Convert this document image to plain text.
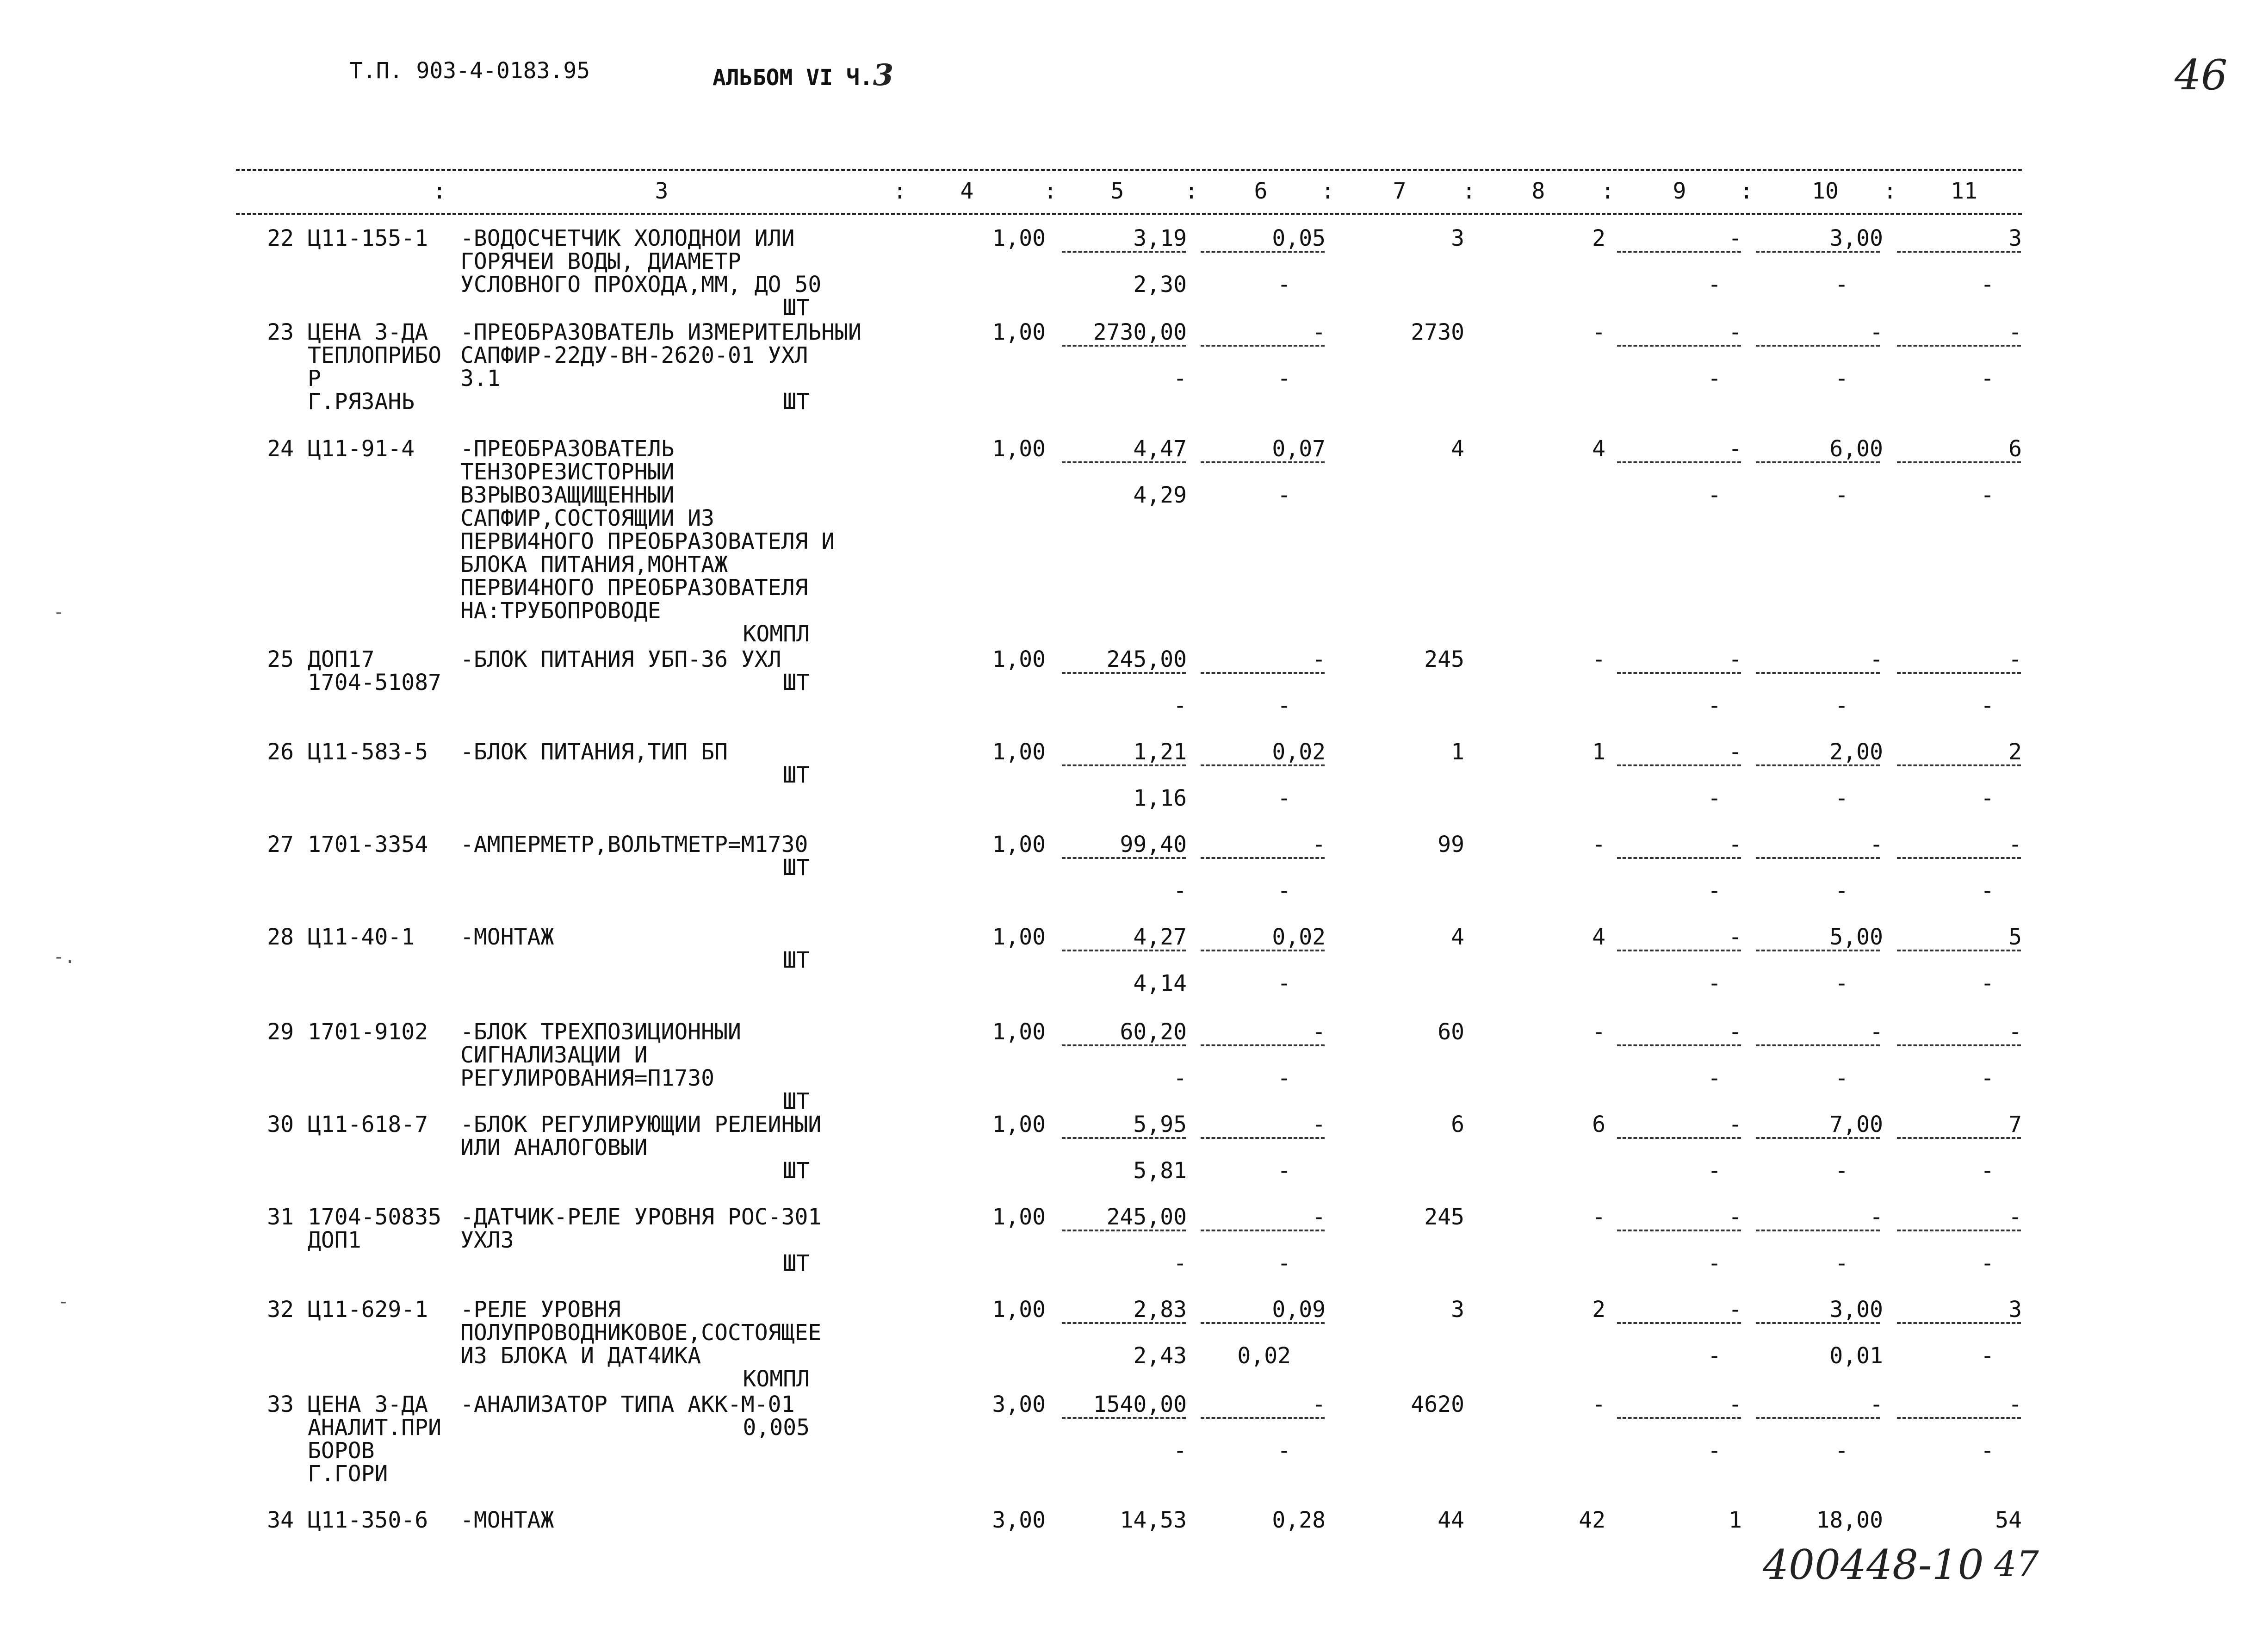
Т.П. 903-4-0183.95	АЛЬБОМ VI Ч.3	46
:	3	:	4	:	5	:	6	:	7	:	8	:	9	:	10	:	11
22 Ц11-155-1 -ВОДОСЧЕТЧИК ХОЛОДНОИ ИЛИ
ГОРЯЧЕИ ВОДЫ, ДИАМЕТР
УСЛОВНОГО ПРОХОДА,ММ, ДО 50
ШТ
1,00	3,19	0,05	3	2	-	3,00	3
2,30	-	-	-	-
23 ЦЕНА З-ДА
ТЕПЛОПРИБО
Р
Г.РЯЗАНЬ
-ПРЕОБРАЗОВАТЕЛЬ ИЗМЕРИТЕЛЬНЫИ
САПФИР-22ДУ-ВН-2620-01 УХЛ
3.1
ШТ
1,00	2730,00	-	2730	-	-	-	-
-	-	-	-	-
24 Ц11-91-4 -ПРЕОБРАЗОВАТЕЛЬ
ТЕНЗОРЕЗИСТОРНЫИ
ВЗРЫВОЗАЩИЩЕННЫИ
САПФИР,СОСТОЯЩИИ ИЗ
ПЕРВИ4НОГО ПРЕОБРАЗОВАТЕЛЯ И
БЛОКА ПИТАНИЯ,МОНТАЖ
ПЕРВИ4НОГО ПРЕОБРАЗОВАТЕЛЯ
НА:ТРУБОПРОВОДЕ
КОМПЛ
1,00	4,47	0,07	4	4	-	6,00	6
4,29	-	-	-	-
25 ДОП17
1704-51087
-БЛОК ПИТАНИЯ УБП-36 УХЛ
ШТ
1,00	245,00	-	245	-	-	-	-
-	-	-	-	-
26 Ц11-583-5 -БЛОК ПИТАНИЯ,ТИП БП
ШТ
1,00	1,21	0,02	1	1	-	2,00	2
1,16	-	-	-	-
27 1701-3354 -АМПЕРМЕТР,ВОЛЬТМЕТР=М1730
ШТ
1,00	99,40	-	99	-	-	-	-
-	-	-	-	-
28 Ц11-40-1 -МОНТАЖ
ШТ
1,00	4,27	0,02	4	4	-	5,00	5
4,14	-	-	-	-
29 1701-9102 -БЛОК ТРЕХПОЗИЦИОННЫИ
СИГНАЛИЗАЦИИ И
РЕГУЛИРОВАНИЯ=П1730
ШТ
1,00	60,20	-	60	-	-	-	-
-	-	-	-	-
30 Ц11-618-7 -БЛОК РЕГУЛИРУЮЩИИ РЕЛЕИНЫИ
ИЛИ АНАЛОГОВЫИ
ШТ
1,00	5,95	-	6	6	-	7,00	7
5,81	-	-	-	-
31 1704-50835
ДОП1
-ДАТЧИК-РЕЛЕ УРОВНЯ РОС-301
УХЛ3
ШТ
1,00	245,00	-	245	-	-	-	-
-	-	-	-	-
32 Ц11-629-1 -РЕЛЕ УРОВНЯ
ПОЛУПРОВОДНИКОВОЕ,СОСТОЯЩЕЕ
ИЗ БЛОКА И ДАТ4ИКА
КОМПЛ
1,00	2,83	0,09	3	2	-	3,00	3
2,43	0,02	-	0,01	-
33 ЦЕНА З-ДА
АНАЛИТ.ПРИ
БОРОВ
Г.ГОРИ
-АНАЛИЗАТОР ТИПА АКК-М-01
0,005
3,00	1540,00	-	4620	-	-	-	-
-	-	-	-	-
34 Ц11-350-6 -МОНТАЖ	3,00	14,53	0,28	44	42	1	18,00	54
400448-10 47
-
-.
-
